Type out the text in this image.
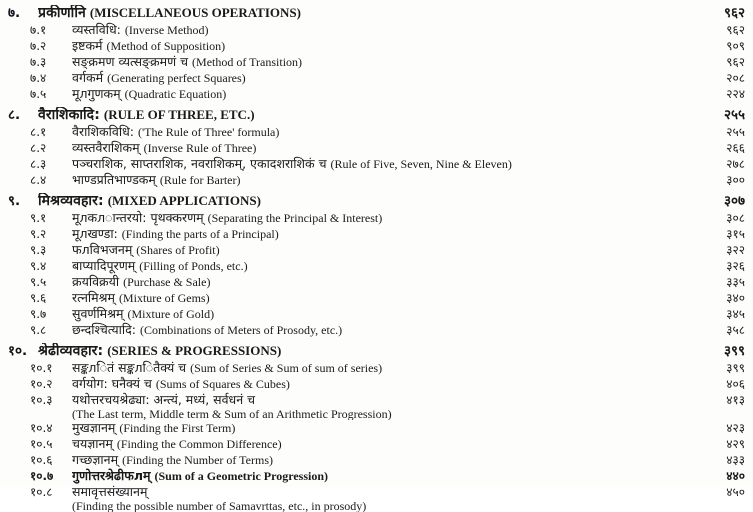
७.	प्रकीर्णानि (MISCELLANEOUS OPERATIONS)	९६२
७.१	व्यस्तविधि: (Inverse Method)	९६२
७.२	इष्टकर्म (Method of Supposition)	९०९
७.३	सङ्क्रमण व्यत्सङ्क्रमणं च (Method of Transition)	९६२
७.४	वर्गकर्म (Generating perfect Squares)	२०८
७.५	मूлगुणकम् (Quadratic Equation)	२२४
८.	वैराशिकादि: (RULE OF THREE, ETC.)	२५५
८.१	वैराशिकविधि: ('The Rule of Three' formula)	२५५
८.२	व्यस्तवैराशिकम् (Inverse Rule of Three)	२६६
८.३	पञ्चराशिक, साप्तराशिक, नवराशिकम्, एकादशराशिकं च (Rule of Five, Seven, Nine & Eleven)	२७८
८.४	भाण्डप्रतिभाण्डकम् (Rule for Barter)	३००
९.	मिश्रव्यवहार: (MIXED APPLICATIONS)	३०७
९.१	मूлकлान्तरयो: पृथक्करणम् (Separating the Principal & Interest)	३०८
९.२	मूлखण्डा: (Finding the parts of a Principal)	३१५
९.३	फлविभजनम् (Shares of Profit)	३२२
९.४	बाप्यादिपूरणम् (Filling of Ponds, etc.)	३२६
९.५	क्रयविक्रयी (Purchase & Sale)	३३५
९.६	रत्नमिश्रम् (Mixture of Gems)	३४०
९.७	सुवर्णमिश्रम् (Mixture of Gold)	३४५
९.८	छन्दश्चित्यादि: (Combinations of Meters of Prosody, etc.)	३५८
१०. श्रेढीव्यवहार: (SERIES & PROGRESSIONS)	३९९
१०.१	सङ्कлितं सङ्कлितैक्यं च (Sum of Series & Sum of sum of series)	३९९
१०.२	वर्गयोग: घनैक्यं च (Sums of Squares & Cubes)	४०६
१०.३	यथोत्तरचयश्रेढ्या: अन्त्यं, मध्यं, सर्वधनं च	४१३
(The Last term, Middle term & Sum of an Arithmetic Progression)
१०.४	मुखज्ञानम् (Finding the First Term)	४२३
१०.५	चयज्ञानम् (Finding the Common Difference)	४२९
१०.६	गच्छज्ञानम् (Finding the Number of Terms)	४३३
१०.७	गुणोत्तरश्रेढीफлम् (Sum of a Geometric Progression)	४४०
१०.८	समावृत्तसंख्यानम्	४५०
(Finding the possible number of Samavrttas, etc., in prosody)
